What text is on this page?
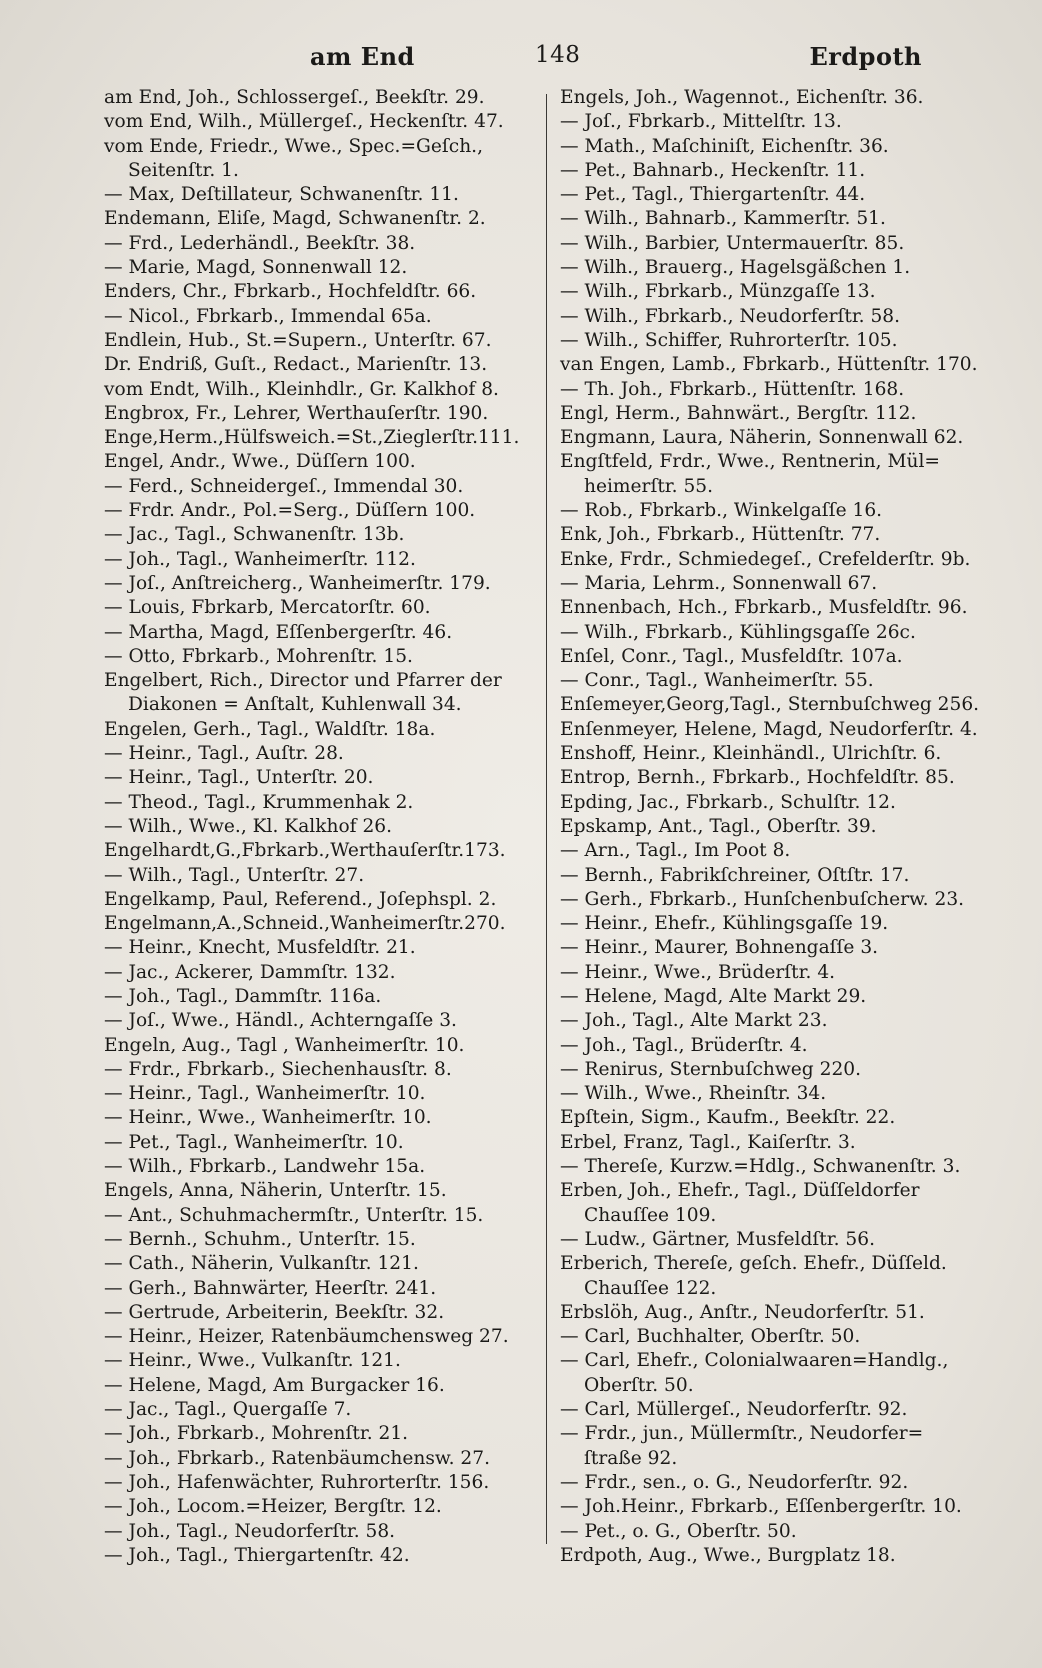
am End	148	Erdpoth
am End, Joh., Schlossergeſ., Beekſtr. 29.
vom End, Wilh., Müllergeſ., Heckenſtr. 47.
vom Ende, Friedr., Wwe., Spec.=Geſch.,
Seitenſtr. 1.
— Max, Deſtillateur, Schwanenſtr. 11.
Endemann, Eliſe, Magd, Schwanenſtr. 2.
— Frd., Lederhändl., Beekſtr. 38.
— Marie, Magd, Sonnenwall 12.
Enders, Chr., Fbrkarb., Hochfeldſtr. 66.
— Nicol., Fbrkarb., Immendal 65a.
Endlein, Hub., St.=Supern., Unterſtr. 67.
Dr. Endriß, Guſt., Redact., Marienſtr. 13.
vom Endt, Wilh., Kleinhdlr., Gr. Kalkhof 8.
Engbrox, Fr., Lehrer, Werthauſerſtr. 190.
Enge,Herm.,Hülfsweich.=St.,Zieglerſtr.111.
Engel, Andr., Wwe., Düſſern 100.
— Ferd., Schneidergeſ., Immendal 30.
— Frdr. Andr., Pol.=Serg., Düſſern 100.
— Jac., Tagl., Schwanenſtr. 13b.
— Joh., Tagl., Wanheimerſtr. 112.
— Joſ., Anſtreicherg., Wanheimerſtr. 179.
— Louis, Fbrkarb, Mercatorſtr. 60.
— Martha, Magd, Eſſenbergerſtr. 46.
— Otto, Fbrkarb., Mohrenſtr. 15.
Engelbert, Rich., Director und Pfarrer der
Diakonen = Anſtalt, Kuhlenwall 34.
Engelen, Gerh., Tagl., Waldſtr. 18a.
— Heinr., Tagl., Auſtr. 28.
— Heinr., Tagl., Unterſtr. 20.
— Theod., Tagl., Krummenhak 2.
— Wilh., Wwe., Kl. Kalkhof 26.
Engelhardt,G.,Fbrkarb.,Werthauſerſtr.173.
— Wilh., Tagl., Unterſtr. 27.
Engelkamp, Paul, Referend., Joſephspl. 2.
Engelmann,A.,Schneid.,Wanheimerſtr.270.
— Heinr., Knecht, Musfeldſtr. 21.
— Jac., Ackerer, Dammſtr. 132.
— Joh., Tagl., Dammſtr. 116a.
— Joſ., Wwe., Händl., Achterngaſſe 3.
Engeln, Aug., Tagl , Wanheimerſtr. 10.
— Frdr., Fbrkarb., Siechenhausſtr. 8.
— Heinr., Tagl., Wanheimerſtr. 10.
— Heinr., Wwe., Wanheimerſtr. 10.
— Pet., Tagl., Wanheimerſtr. 10.
— Wilh., Fbrkarb., Landwehr 15a.
Engels, Anna, Näherin, Unterſtr. 15.
— Ant., Schuhmachermſtr., Unterſtr. 15.
— Bernh., Schuhm., Unterſtr. 15.
— Cath., Näherin, Vulkanſtr. 121.
— Gerh., Bahnwärter, Heerſtr. 241.
— Gertrude, Arbeiterin, Beekſtr. 32.
— Heinr., Heizer, Ratenbäumchensweg 27.
— Heinr., Wwe., Vulkanſtr. 121.
— Helene, Magd, Am Burgacker 16.
— Jac., Tagl., Quergaſſe 7.
— Joh., Fbrkarb., Mohrenſtr. 21.
— Joh., Fbrkarb., Ratenbäumchensw. 27.
— Joh., Hafenwächter, Ruhrorterſtr. 156.
— Joh., Locom.=Heizer, Bergſtr. 12.
— Joh., Tagl., Neudorferſtr. 58.
— Joh., Tagl., Thiergartenſtr. 42.
Engels, Joh., Wagennot., Eichenſtr. 36.
— Joſ., Fbrkarb., Mittelſtr. 13.
— Math., Maſchiniſt, Eichenſtr. 36.
— Pet., Bahnarb., Heckenſtr. 11.
— Pet., Tagl., Thiergartenſtr. 44.
— Wilh., Bahnarb., Kammerſtr. 51.
— Wilh., Barbier, Untermauerſtr. 85.
— Wilh., Brauerg., Hagelsgäßchen 1.
— Wilh., Fbrkarb., Münzgaſſe 13.
— Wilh., Fbrkarb., Neudorferſtr. 58.
— Wilh., Schiffer, Ruhrorterſtr. 105.
van Engen, Lamb., Fbrkarb., Hüttenſtr. 170.
— Th. Joh., Fbrkarb., Hüttenſtr. 168.
Engl, Herm., Bahnwärt., Bergſtr. 112.
Engmann, Laura, Näherin, Sonnenwall 62.
Engſtfeld, Frdr., Wwe., Rentnerin, Mül=
heimerſtr. 55.
— Rob., Fbrkarb., Winkelgaſſe 16.
Enk, Joh., Fbrkarb., Hüttenſtr. 77.
Enke, Frdr., Schmiedegeſ., Crefelderſtr. 9b.
— Maria, Lehrm., Sonnenwall 67.
Ennenbach, Hch., Fbrkarb., Musfeldſtr. 96.
— Wilh., Fbrkarb., Kühlingsgaſſe 26c.
Enſel, Conr., Tagl., Musfeldſtr. 107a.
— Conr., Tagl., Wanheimerſtr. 55.
Enſemeyer,Georg,Tagl., Sternbuſchweg 256.
Enſenmeyer, Helene, Magd, Neudorferſtr. 4.
Enshoff, Heinr., Kleinhändl., Ulrichſtr. 6.
Entrop, Bernh., Fbrkarb., Hochfeldſtr. 85.
Epding, Jac., Fbrkarb., Schulſtr. 12.
Epskamp, Ant., Tagl., Oberſtr. 39.
— Arn., Tagl., Im Poot 8.
— Bernh., Fabrikſchreiner, Oſtſtr. 17.
— Gerh., Fbrkarb., Hunſchenbuſcherw. 23.
— Heinr., Ehefr., Kühlingsgaſſe 19.
— Heinr., Maurer, Bohnengaſſe 3.
— Heinr., Wwe., Brüderſtr. 4.
— Helene, Magd, Alte Markt 29.
— Joh., Tagl., Alte Markt 23.
— Joh., Tagl., Brüderſtr. 4.
— Renirus, Sternbuſchweg 220.
— Wilh., Wwe., Rheinſtr. 34.
Epſtein, Sigm., Kaufm., Beekſtr. 22.
Erbel, Franz, Tagl., Kaiſerſtr. 3.
— Thereſe, Kurzw.=Hdlg., Schwanenſtr. 3.
Erben, Joh., Ehefr., Tagl., Düſſeldorfer
Chauſſee 109.
— Ludw., Gärtner, Musfeldſtr. 56.
Erberich, Thereſe, geſch. Ehefr., Düſſeld.
Chauſſee 122.
Erbslöh, Aug., Anſtr., Neudorferſtr. 51.
— Carl, Buchhalter, Oberſtr. 50.
— Carl, Ehefr., Colonialwaaren=Handlg.,
Oberſtr. 50.
— Carl, Müllergeſ., Neudorferſtr. 92.
— Frdr., jun., Müllermſtr., Neudorfer=
ſtraße 92.
— Frdr., sen., o. G., Neudorferſtr. 92.
— Joh.Heinr., Fbrkarb., Eſſenbergerſtr. 10.
— Pet., o. G., Oberſtr. 50.
Erdpoth, Aug., Wwe., Burgplatz 18.
